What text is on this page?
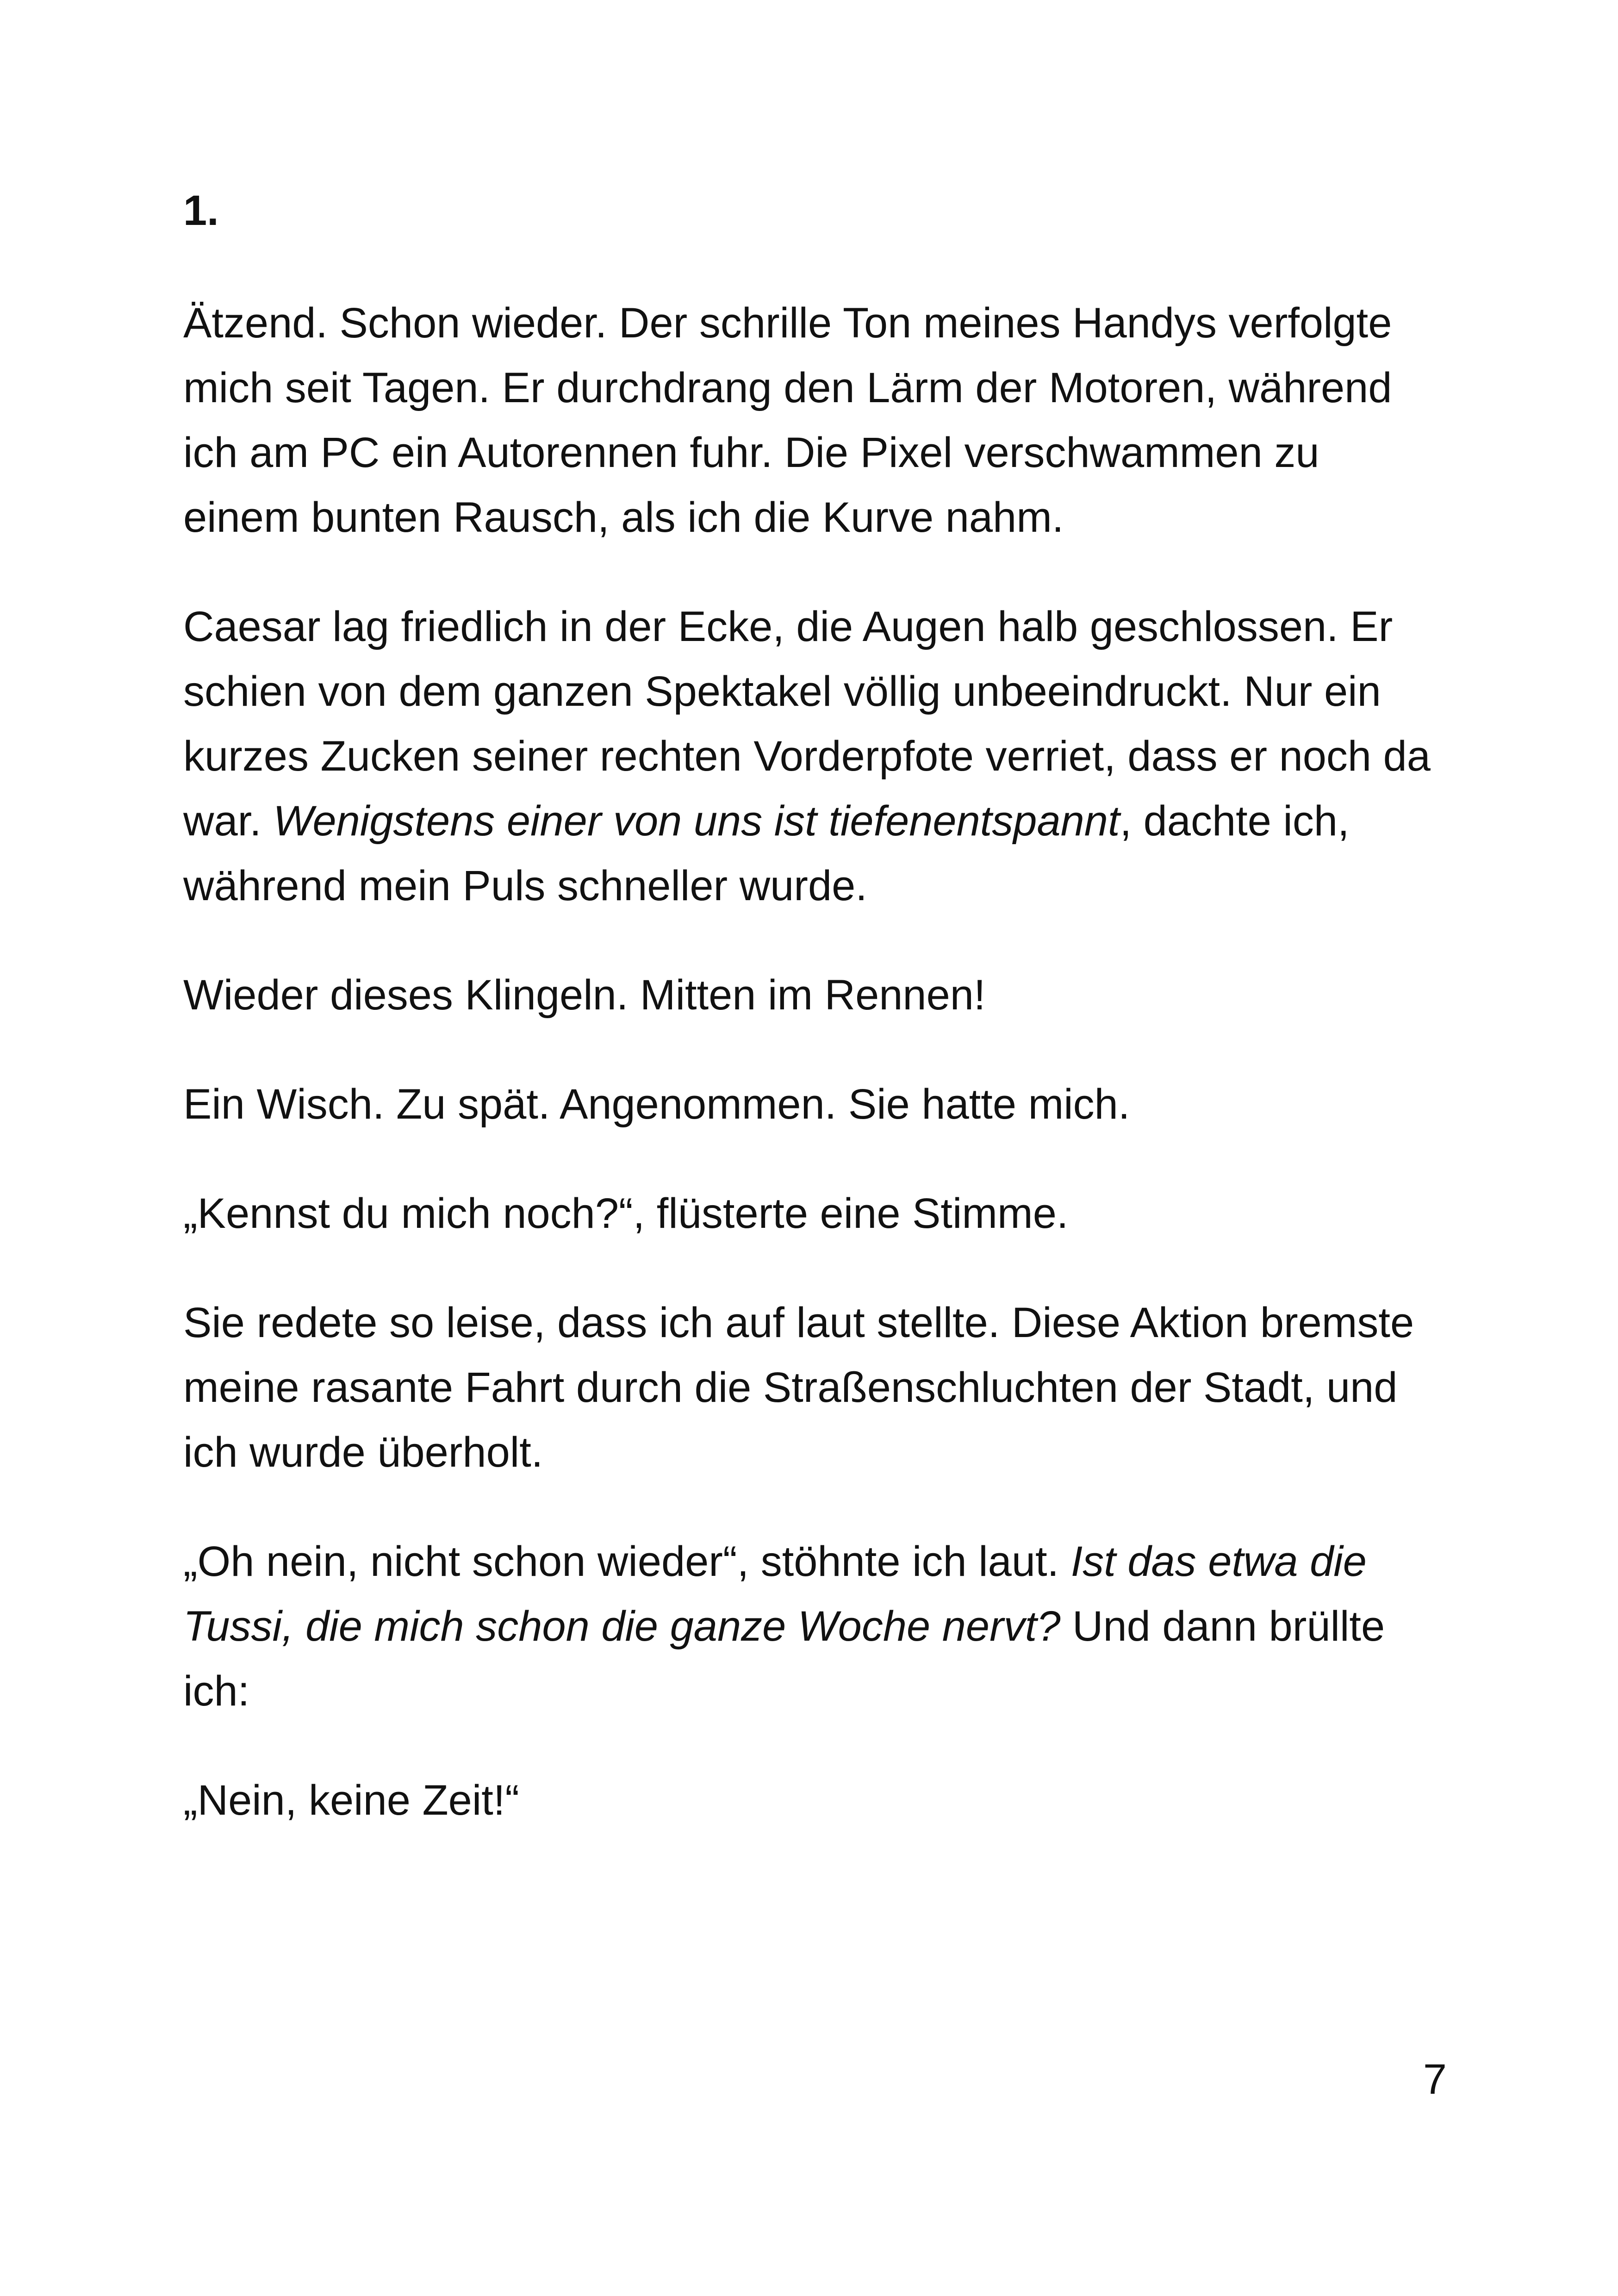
1.

Ätzend. Schon wieder. Der schrille Ton meines Handys verfolgte mich seit Tagen. Er durchdrang den Lärm der Motoren, während ich am PC ein Autorennen fuhr. Die Pixel verschwammen zu einem bunten Rausch, als ich die Kurve nahm.

Caesar lag friedlich in der Ecke, die Augen halb geschlossen. Er schien von dem ganzen Spektakel völlig unbeeindruckt. Nur ein kurzes Zucken seiner rechten Vorderpfote verriet, dass er noch da war. Wenigstens einer von uns ist tiefenentspannt, dachte ich, während mein Puls schneller wurde.

Wieder dieses Klingeln. Mitten im Rennen!

Ein Wisch. Zu spät. Angenommen. Sie hatte mich.

„Kennst du mich noch?“, flüsterte eine Stimme.

Sie redete so leise, dass ich auf laut stellte. Diese Aktion bremste meine rasante Fahrt durch die Straßenschluchten der Stadt, und ich wurde überholt.

„Oh nein, nicht schon wieder“, stöhnte ich laut. Ist das etwa die Tussi, die mich schon die ganze Woche nervt? Und dann brüllte ich:

„Nein, keine Zeit!“

7
